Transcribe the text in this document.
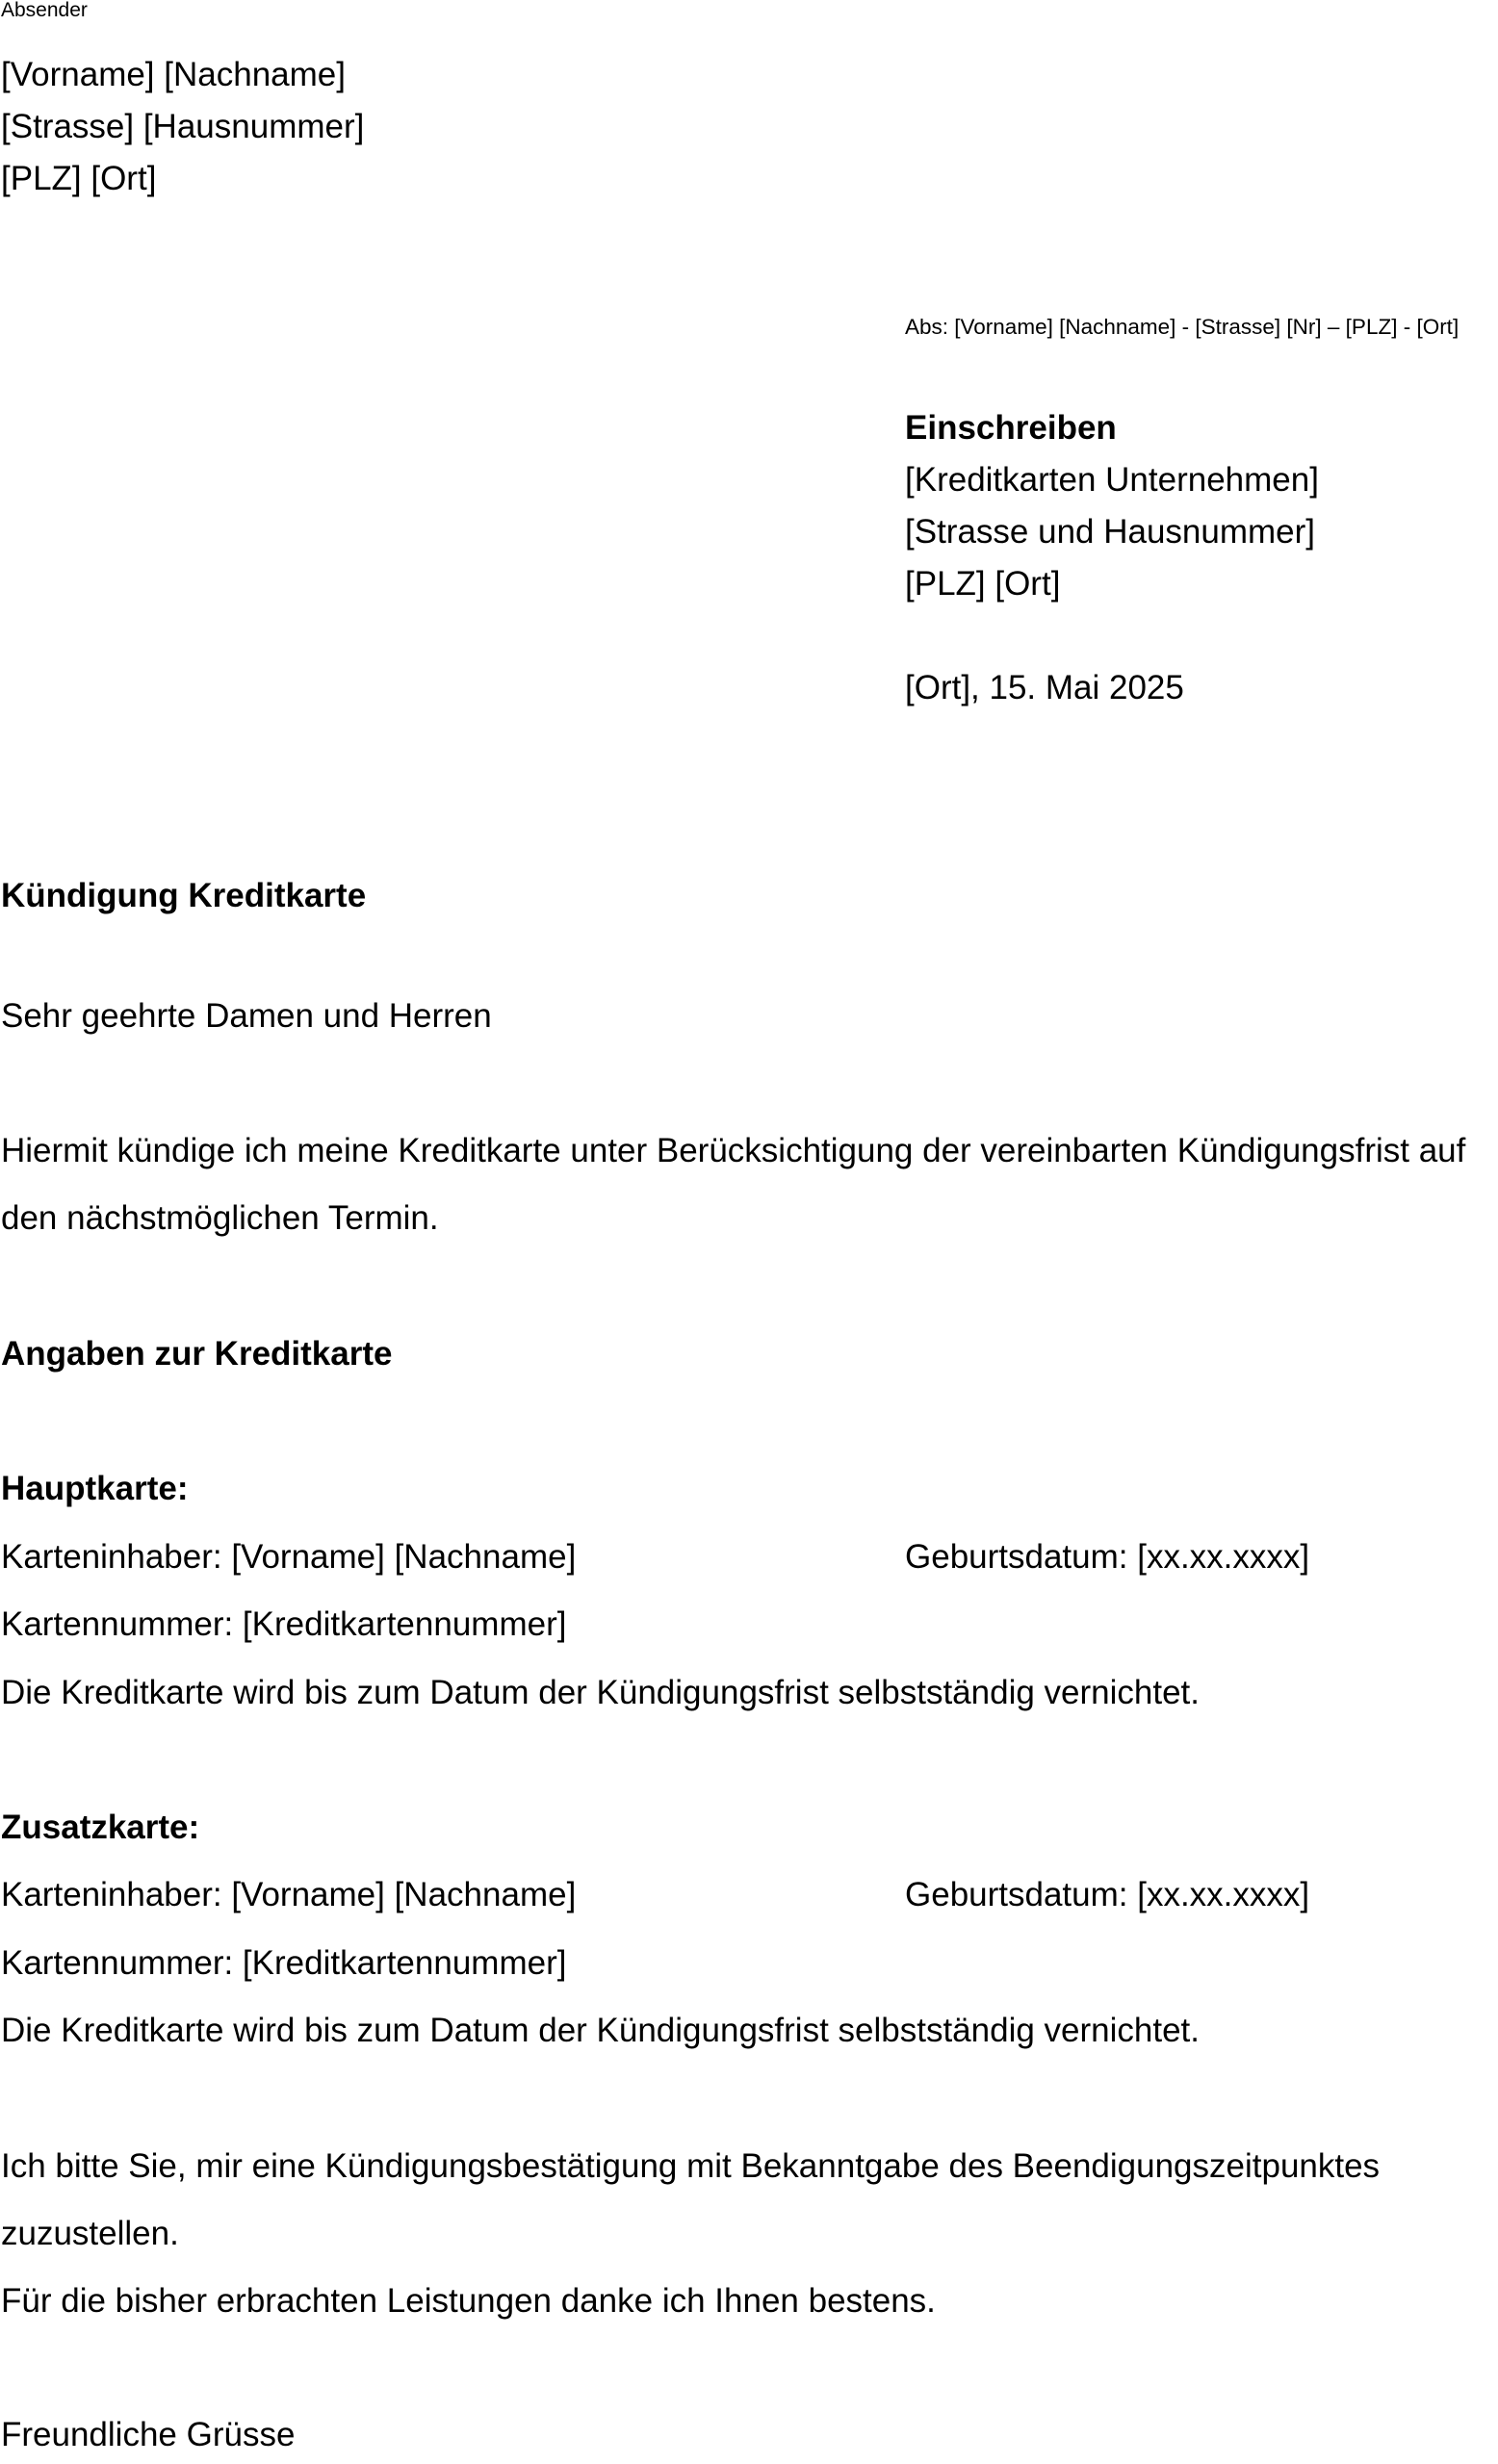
Absender
[Vorname] [Nachname]
[Strasse] [Hausnummer]
[PLZ] [Ort]
Abs: [Vorname] [Nachname] - [Strasse] [Nr] – [PLZ] - [Ort]
Einschreiben
[Kreditkarten Unternehmen]
[Strasse und Hausnummer]
[PLZ] [Ort]
[Ort], 15. Mai 2025
Kündigung Kreditkarte
Sehr geehrte Damen und Herren
Hiermit kündige ich meine Kreditkarte unter Berücksichtigung der vereinbarten Kündigungsfrist auf
den nächstmöglichen Termin.
Angaben zur Kreditkarte
Hauptkarte:
Karteninhaber: [Vorname] [Nachname]	Geburtsdatum: [xx.xx.xxxx]
Kartennummer: [Kreditkartennummer]
Die Kreditkarte wird bis zum Datum der Kündigungsfrist selbstständig vernichtet.
Zusatzkarte:
Karteninhaber: [Vorname] [Nachname]	Geburtsdatum: [xx.xx.xxxx]
Kartennummer: [Kreditkartennummer]
Die Kreditkarte wird bis zum Datum der Kündigungsfrist selbstständig vernichtet.
Ich bitte Sie, mir eine Kündigungsbestätigung mit Bekanntgabe des Beendigungszeitpunktes
zuzustellen.
Für die bisher erbrachten Leistungen danke ich Ihnen bestens.
Freundliche Grüsse
